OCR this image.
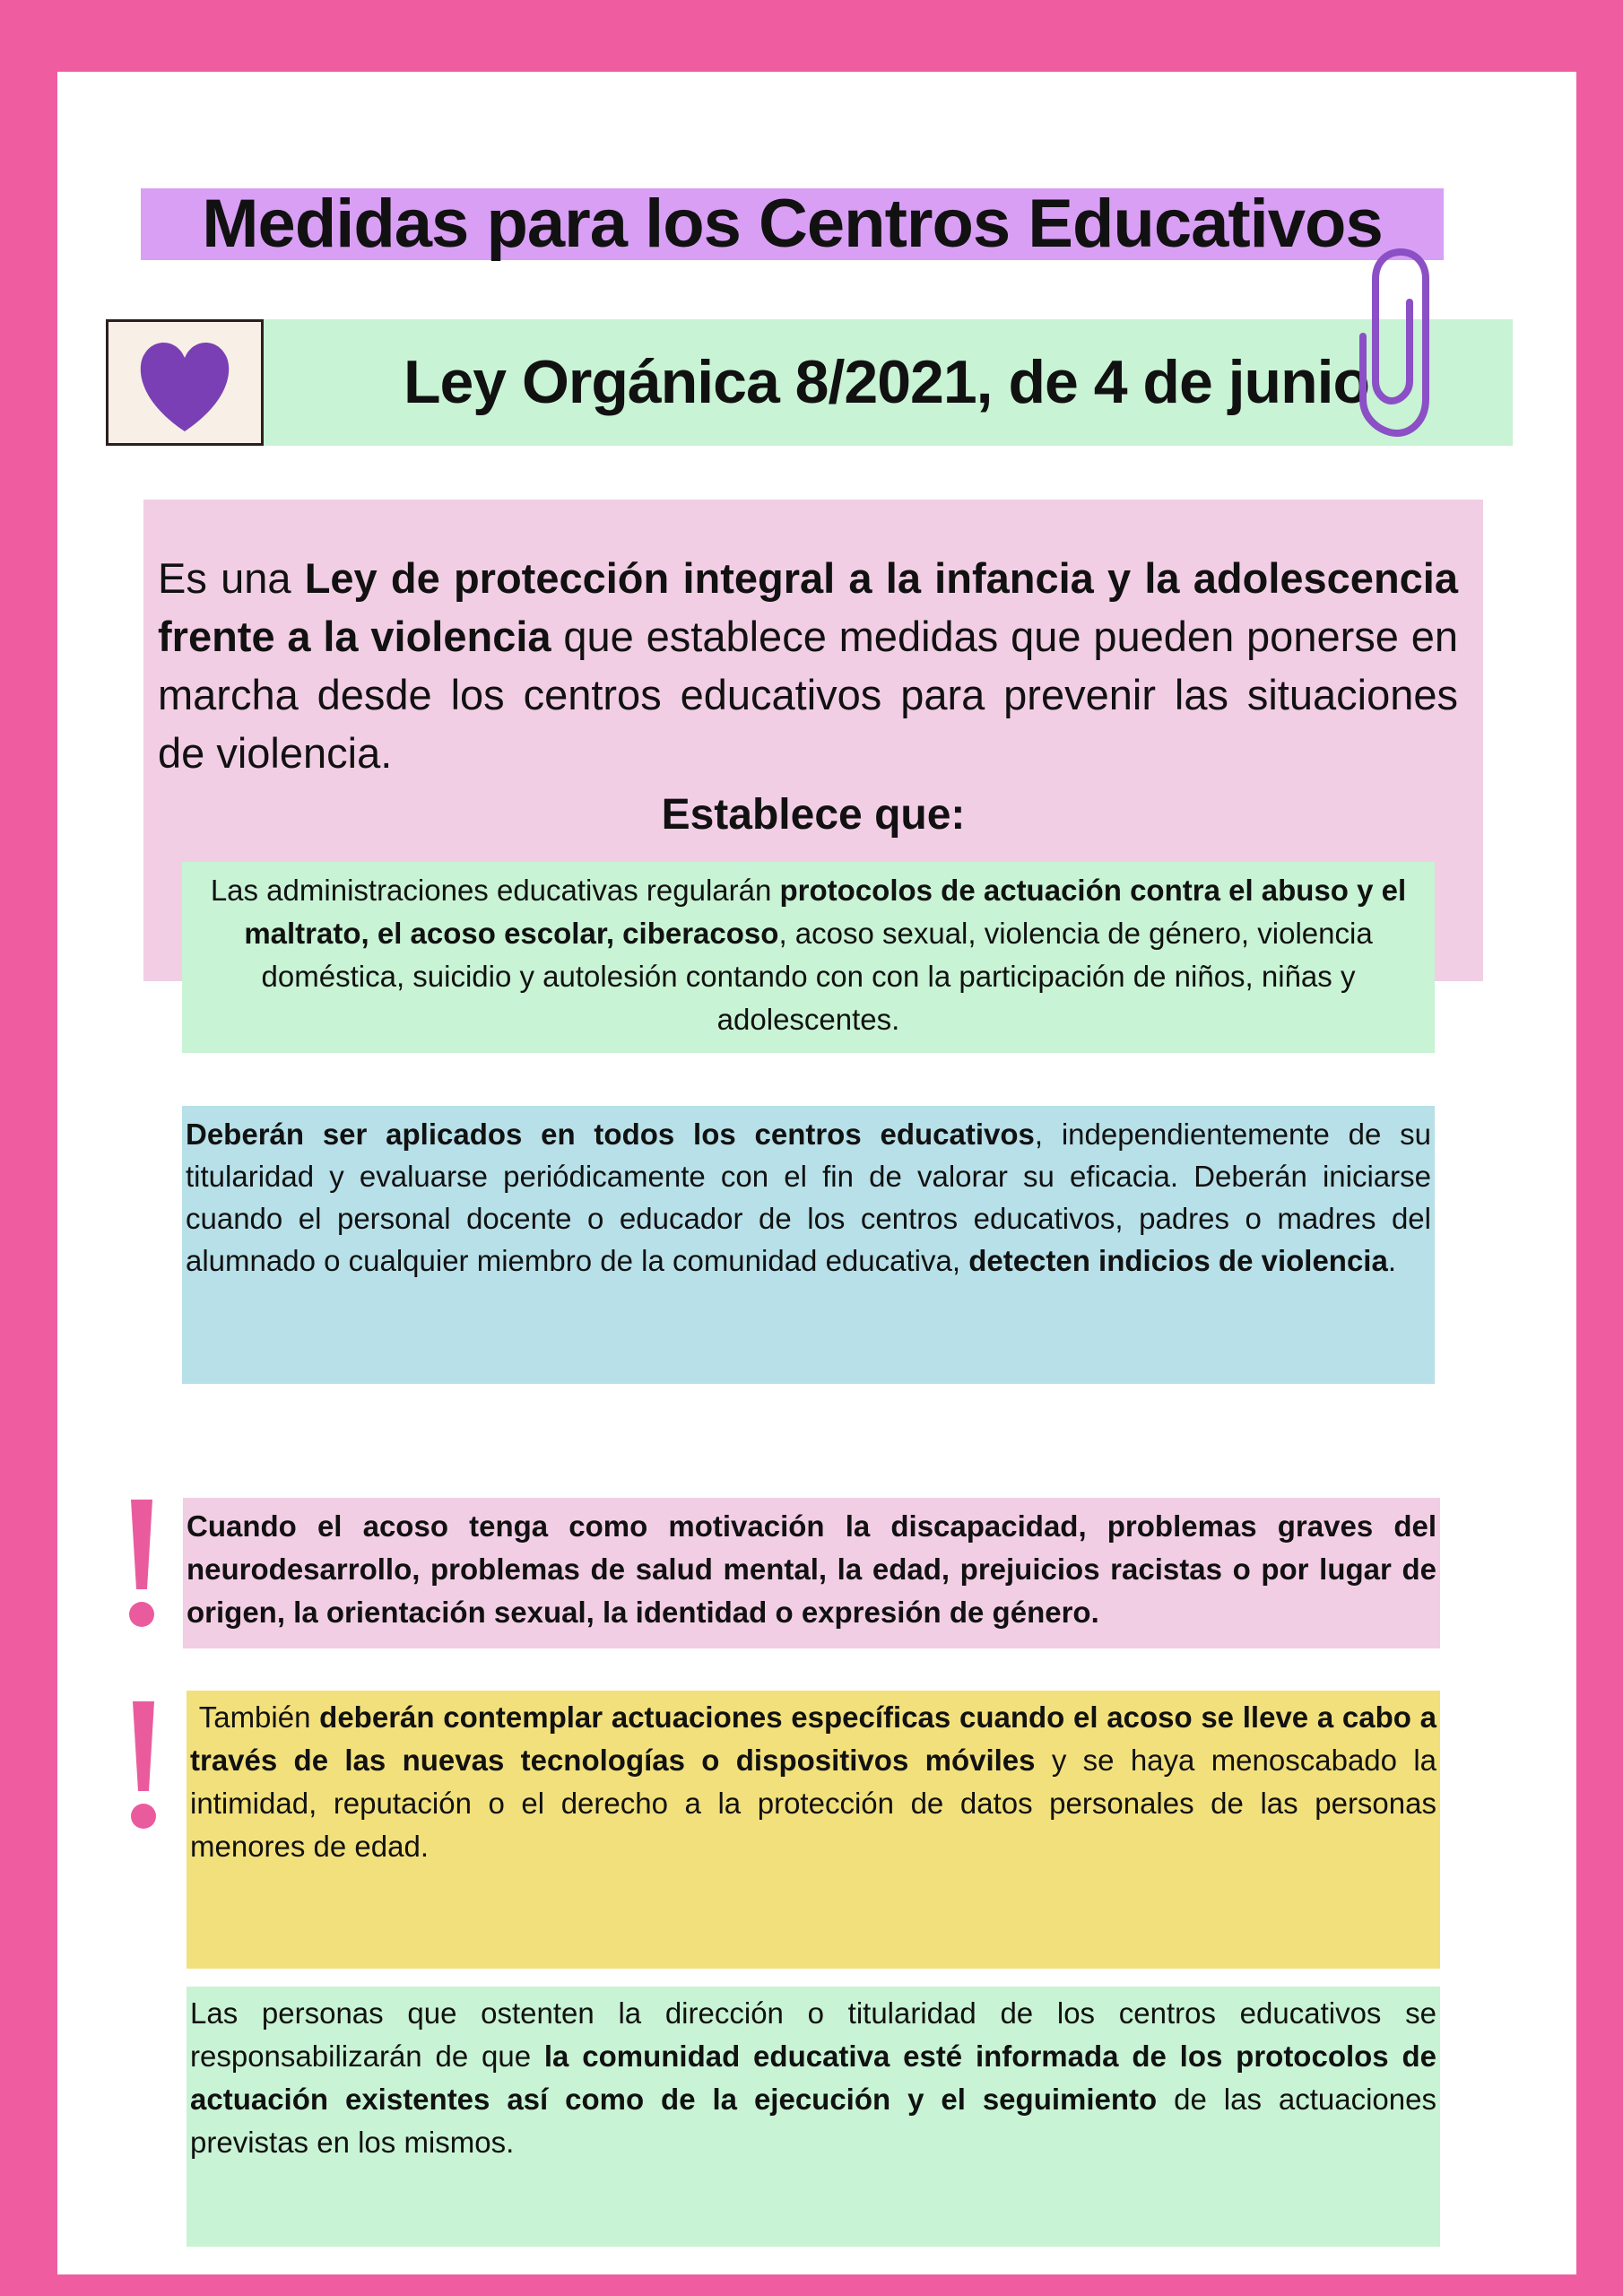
Medidas para los Centros Educativos
Ley Orgánica 8/2021, de 4 de junio
Es una Ley de protección integral a la infancia y la adolescencia frente a la violencia que establece medidas que pueden ponerse en marcha desde los centros educativos para prevenir las situaciones de violencia.
Establece que:
Las administraciones educativas regularán protocolos de actuación contra el abuso y el maltrato, el acoso escolar, ciberacoso, acoso sexual, violencia de género, violencia doméstica, suicidio y autolesión contando con con la participación de niños, niñas y adolescentes.
Deberán ser aplicados en todos los centros educativos, independientemente de su titularidad y evaluarse periódicamente con el fin de valorar su eficacia. Deberán iniciarse cuando el personal docente o educador de los centros educativos, padres o madres del alumnado o cualquier miembro de la comunidad educativa, detecten indicios de violencia.
Cuando el acoso tenga como motivación la discapacidad, problemas graves del neurodesarrollo, problemas de salud mental, la edad, prejuicios racistas o por lugar de origen, la orientación sexual, la identidad o expresión de género.
También deberán contemplar actuaciones específicas cuando el acoso se lleve a cabo a través de las nuevas tecnologías o dispositivos móviles y se haya menoscabado la intimidad, reputación o el derecho a la protección de datos personales de las personas menores de edad.
Las personas que ostenten la dirección o titularidad de los centros educativos se responsabilizarán de que la comunidad educativa esté informada de los protocolos de actuación existentes así como de la ejecución y el seguimiento de las actuaciones previstas en los mismos.
